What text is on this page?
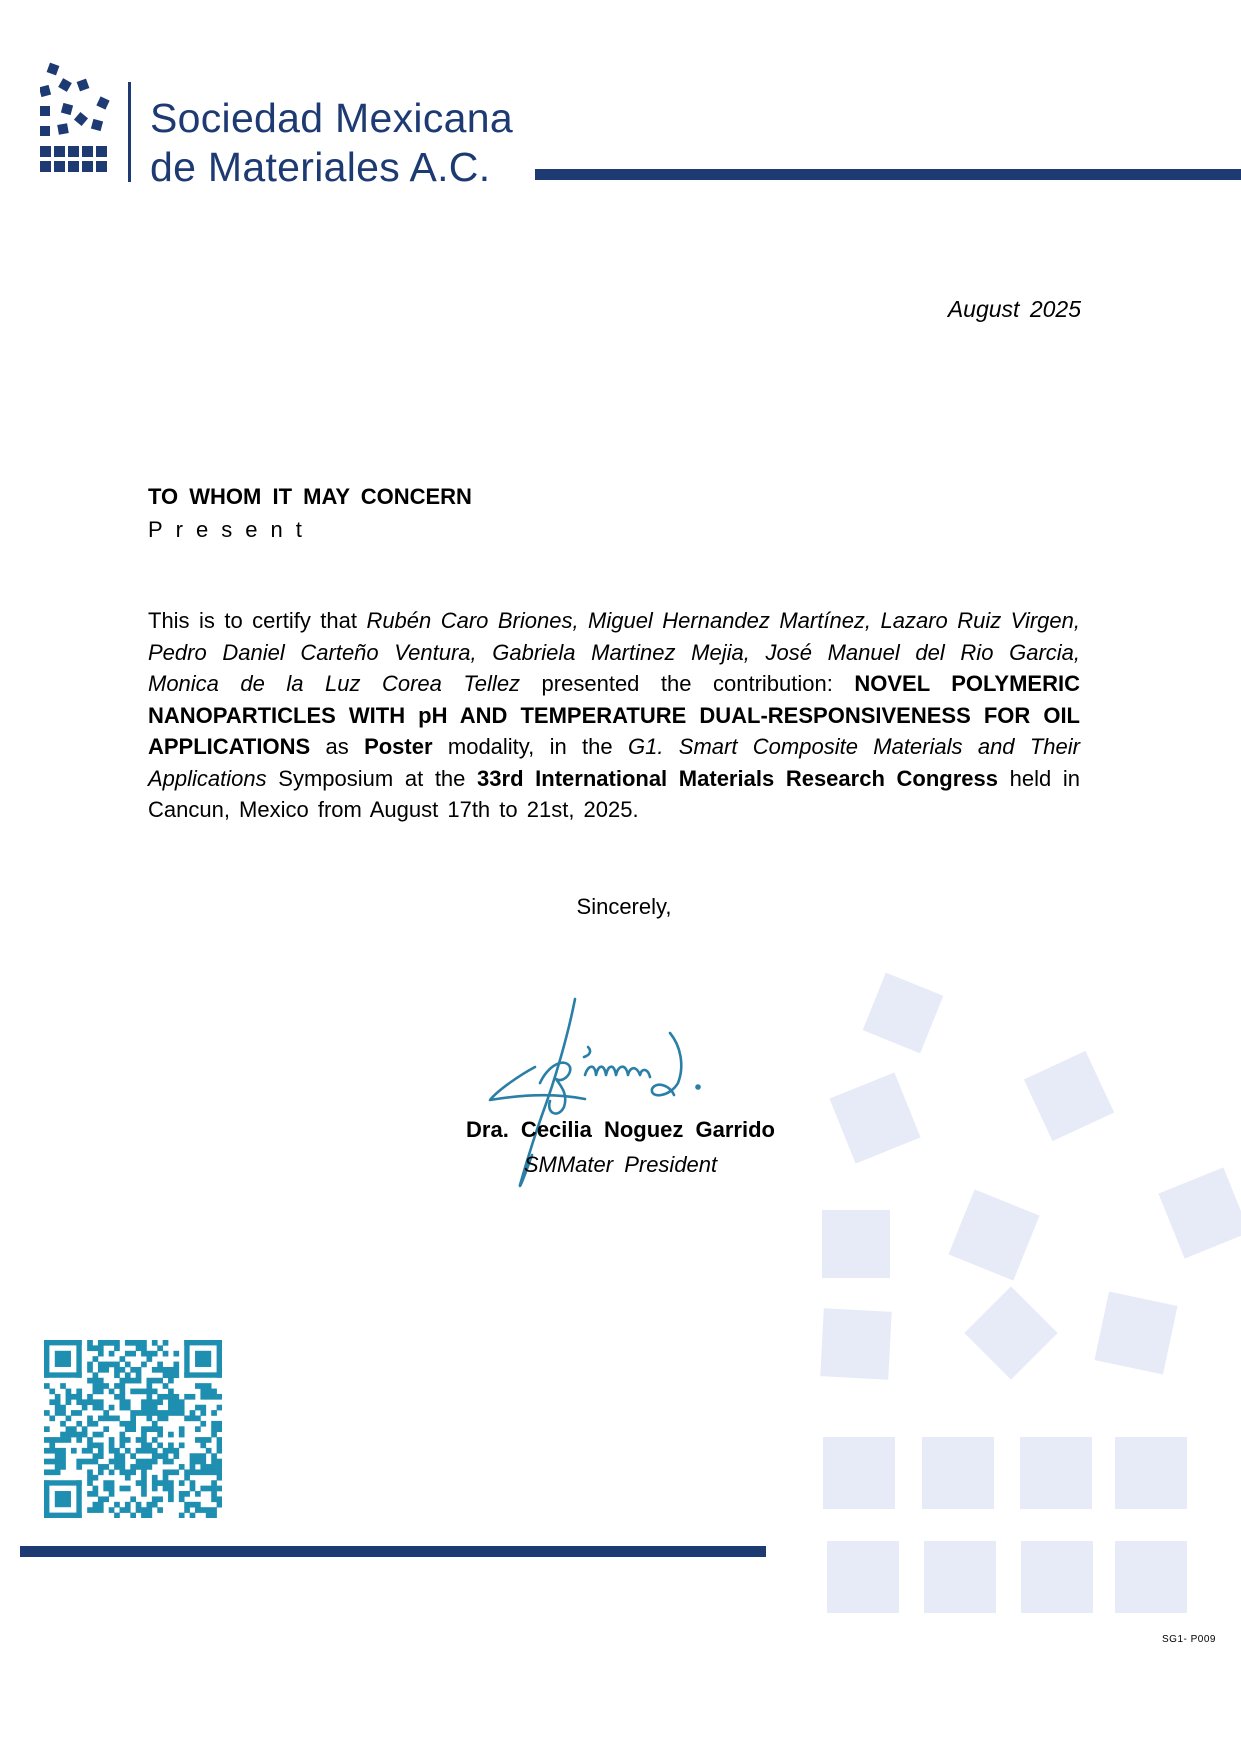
Sociedad Mexicana
de Materiales A.C.
August 2025
TO WHOM IT MAY CONCERN
Present
This is to certify that Rubén Caro Briones, Miguel Hernandez Martínez, Lazaro Ruiz Virgen, Pedro Daniel Carteño Ventura, Gabriela Martinez Mejia, José Manuel del Rio Garcia, Monica de la Luz Corea Tellez presented the contribution: NOVEL POLYMERIC NANOPARTICLES WITH pH AND TEMPERATURE DUAL-RESPONSIVENESS FOR OIL APPLICATIONS as Poster modality, in the G1. Smart Composite Materials and Their Applications Symposium at the 33rd International Materials Research Congress held in Cancun, Mexico from August 17th to 21st, 2025.
Sincerely,
Dra. Cecilia Noguez Garrido
SMMater President
SG1- P009
